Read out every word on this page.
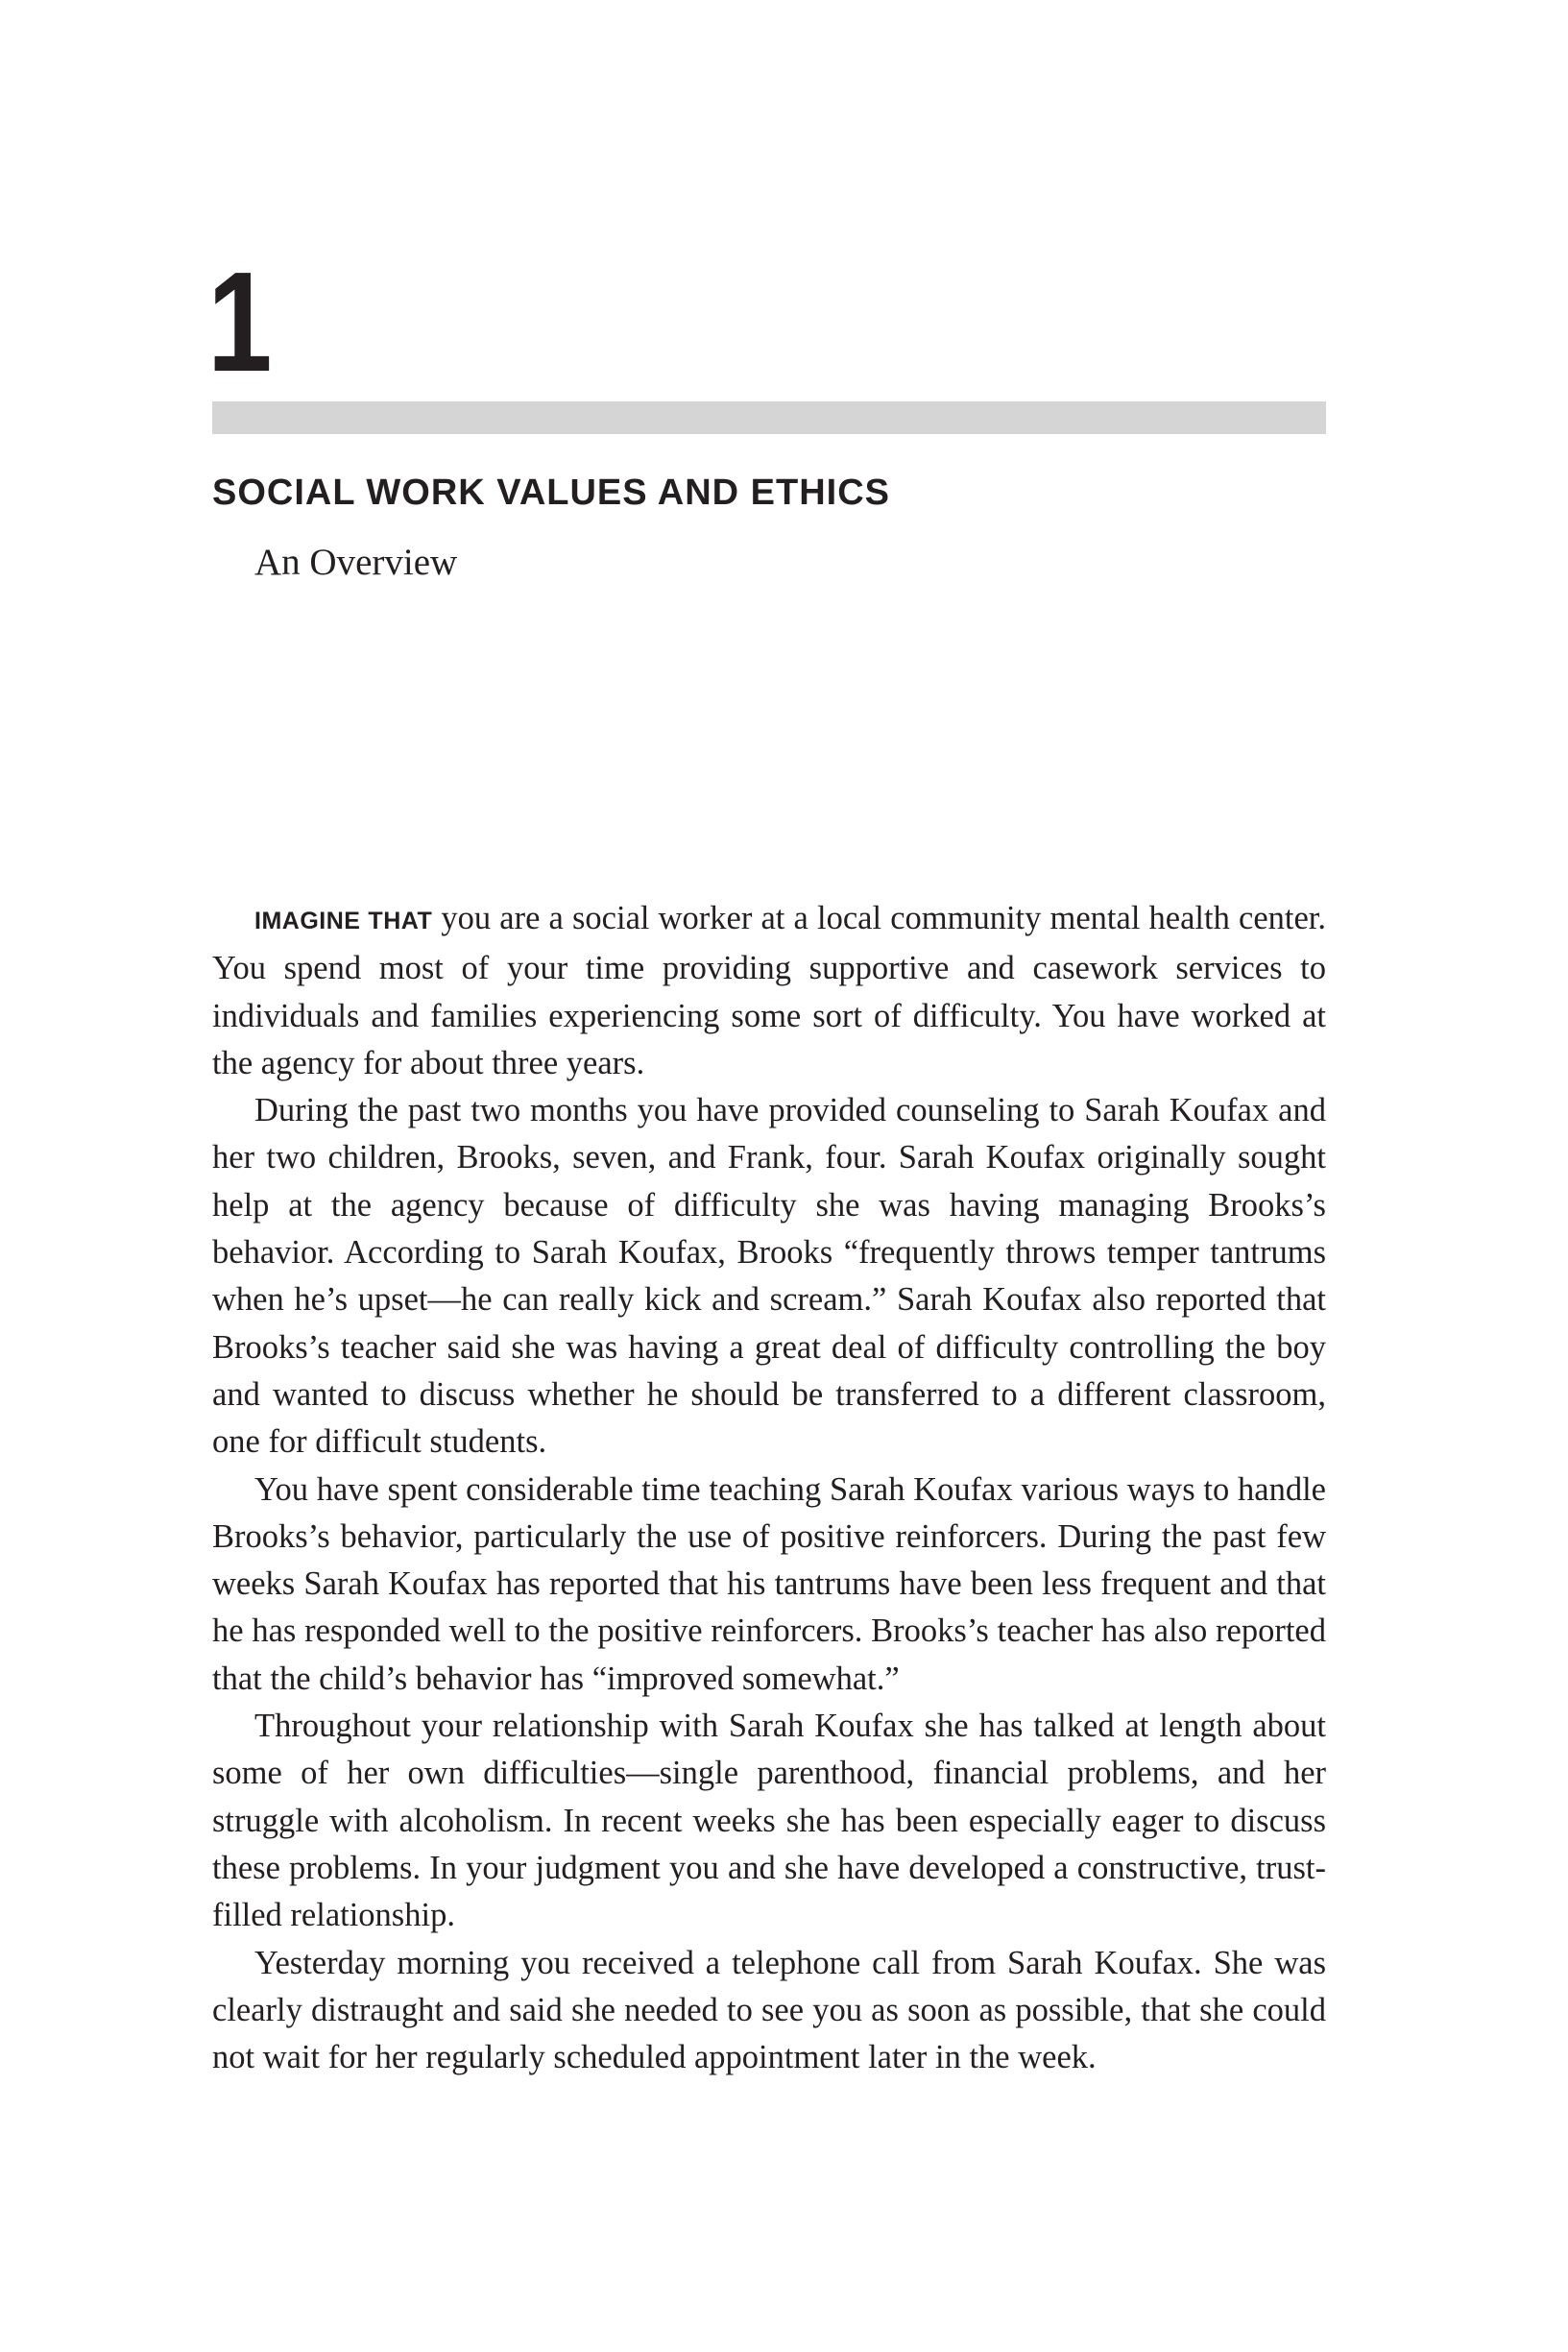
1
SOCIAL WORK VALUES AND ETHICS
An Overview

IMAGINE THAT you are a social worker at a local community mental health center. You spend most of your time providing supportive and casework services to individuals and families experiencing some sort of difficulty. You have worked at the agency for about three years.

During the past two months you have provided counseling to Sarah Koufax and her two children, Brooks, seven, and Frank, four. Sarah Koufax originally sought help at the agency because of difficulty she was having managing Brooks’s behavior. According to Sarah Koufax, Brooks “frequently throws temper tantrums when he’s upset—he can really kick and scream.” Sarah Koufax also reported that Brooks’s teacher said she was having a great deal of difficulty controlling the boy and wanted to discuss whether he should be transferred to a different classroom, one for difficult students.

You have spent considerable time teaching Sarah Koufax various ways to handle Brooks’s behavior, particularly the use of positive reinforcers. During the past few weeks Sarah Koufax has reported that his tantrums have been less frequent and that he has responded well to the positive reinforcers. Brooks’s teacher has also reported that the child’s behavior has “improved somewhat.”

Throughout your relationship with Sarah Koufax she has talked at length about some of her own difficulties—single parenthood, financial problems, and her struggle with alcoholism. In recent weeks she has been especially eager to discuss these problems. In your judgment you and she have developed a constructive, trust-filled relationship.

Yesterday morning you received a telephone call from Sarah Koufax. She was clearly distraught and said she needed to see you as soon as possible, that she could not wait for her regularly scheduled appointment later in the week.
